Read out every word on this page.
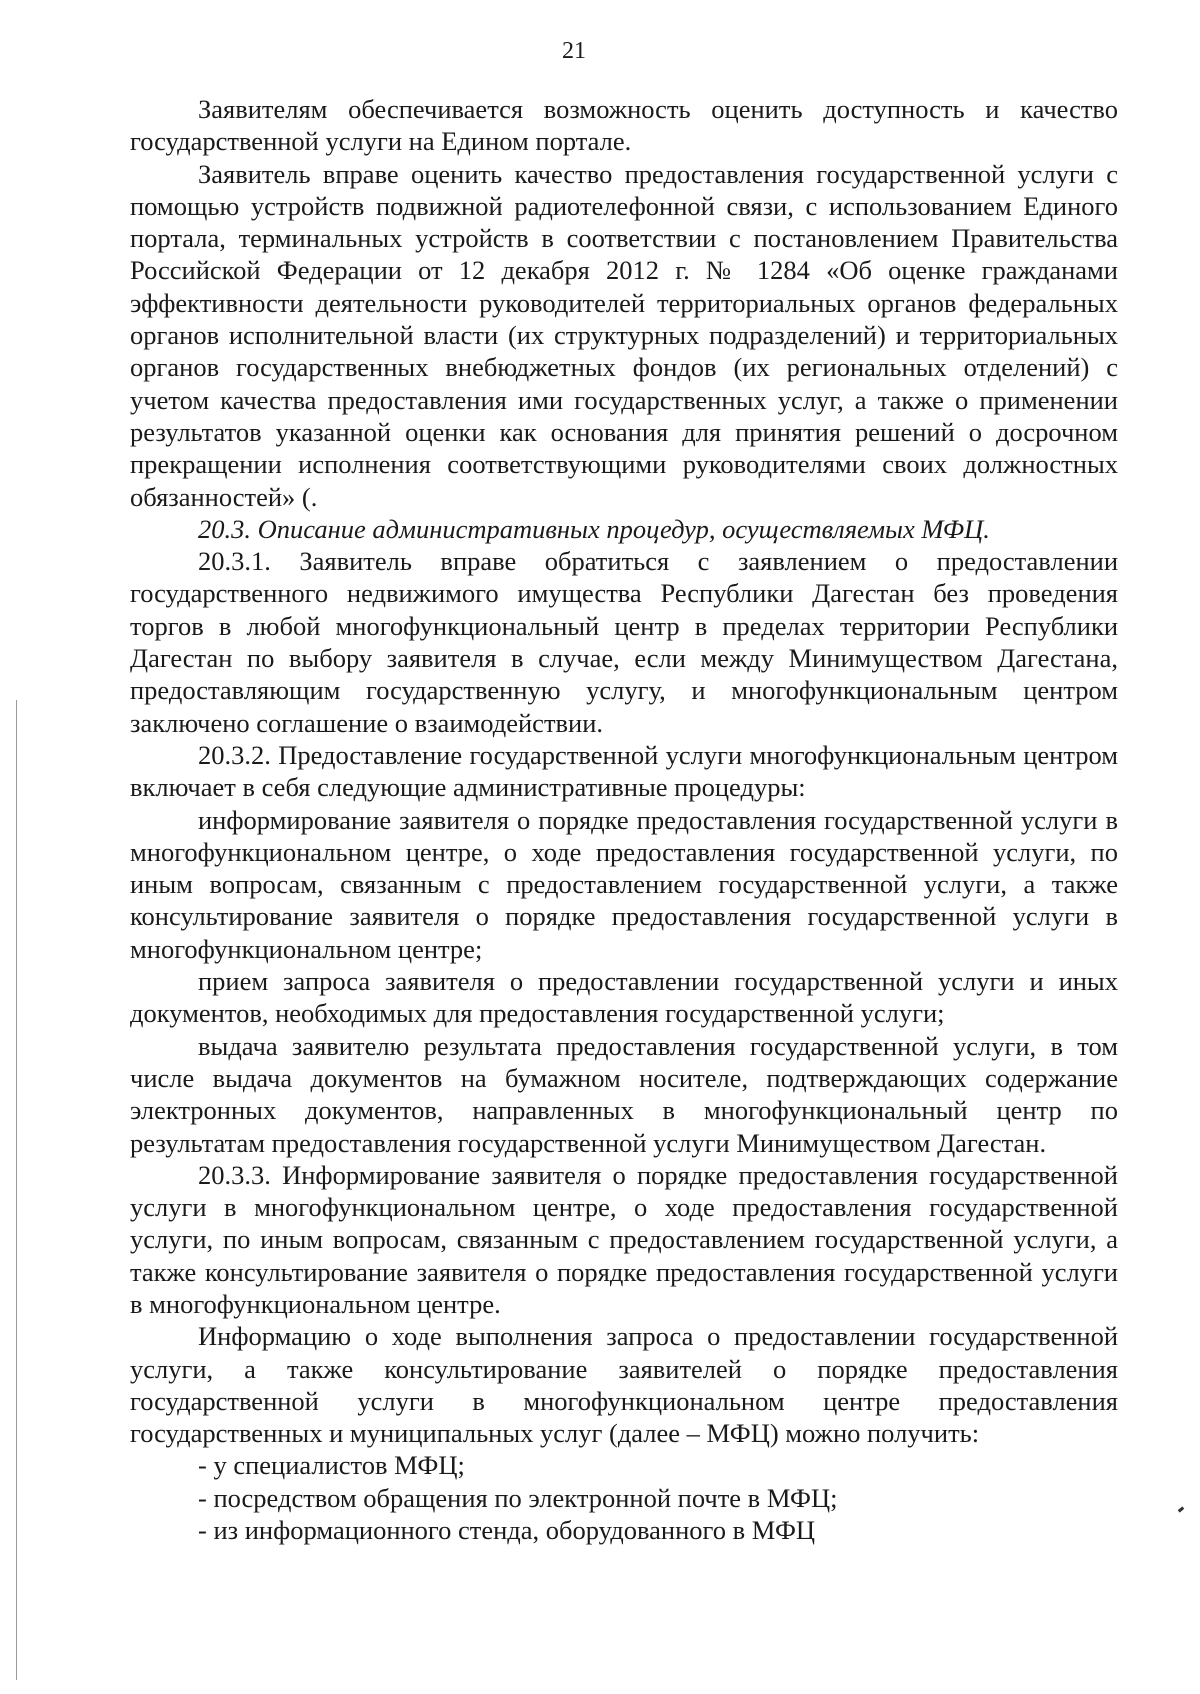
21

Заявителям обеспечивается возможность оценить доступность и качество государственной услуги на Едином портале.

Заявитель вправе оценить качество предоставления государственной услуги с помощью устройств подвижной радиотелефонной связи, с использованием Единого портала, терминальных устройств в соответствии с постановлением Правительства Российской Федерации от 12 декабря 2012 г. № 1284 «Об оценке гражданами эффективности деятельности руководителей территориальных органов федеральных органов исполнительной власти (их структурных подразделений) и территориальных органов государственных внебюджетных фондов (их региональных отделений) с учетом качества предоставления ими государственных услуг, а также о применении результатов указанной оценки как основания для принятия решений о досрочном прекращении исполнения соответствующими руководителями своих должностных обязанностей» (.

20.3. Описание административных процедур, осуществляемых МФЦ.

20.3.1. Заявитель вправе обратиться с заявлением о предоставлении государственного недвижимого имущества Республики Дагестан без проведения торгов в любой многофункциональный центр в пределах территории Республики Дагестан по выбору заявителя в случае, если между Минимуществом Дагестана, предоставляющим государственную услугу, и многофункциональным центром заключено соглашение о взаимодействии.

20.3.2. Предоставление государственной услуги многофункциональным центром включает в себя следующие административные процедуры:

информирование заявителя о порядке предоставления государственной услуги в многофункциональном центре, о ходе предоставления государственной услуги, по иным вопросам, связанным с предоставлением государственной услуги, а также консультирование заявителя о порядке предоставления государственной услуги в многофункциональном центре;

прием запроса заявителя о предоставлении государственной услуги и иных документов, необходимых для предоставления государственной услуги;

выдача заявителю результата предоставления государственной услуги, в том числе выдача документов на бумажном носителе, подтверждающих содержание электронных документов, направленных в многофункциональный центр по результатам предоставления государственной услуги Минимуществом Дагестан.

20.3.3. Информирование заявителя о порядке предоставления государственной услуги в многофункциональном центре, о ходе предоставления государственной услуги, по иным вопросам, связанным с предоставлением государственной услуги, а также консультирование заявителя о порядке предоставления государственной услуги в многофункциональном центре.

Информацию о ходе выполнения запроса о предоставлении государственной услуги, а также консультирование заявителей о порядке предоставления государственной услуги в многофункциональном центре предоставления государственных и муниципальных услуг (далее – МФЦ) можно получить:

- у специалистов МФЦ;

- посредством обращения по электронной почте в МФЦ;

- из информационного стенда, оборудованного в МФЦ
